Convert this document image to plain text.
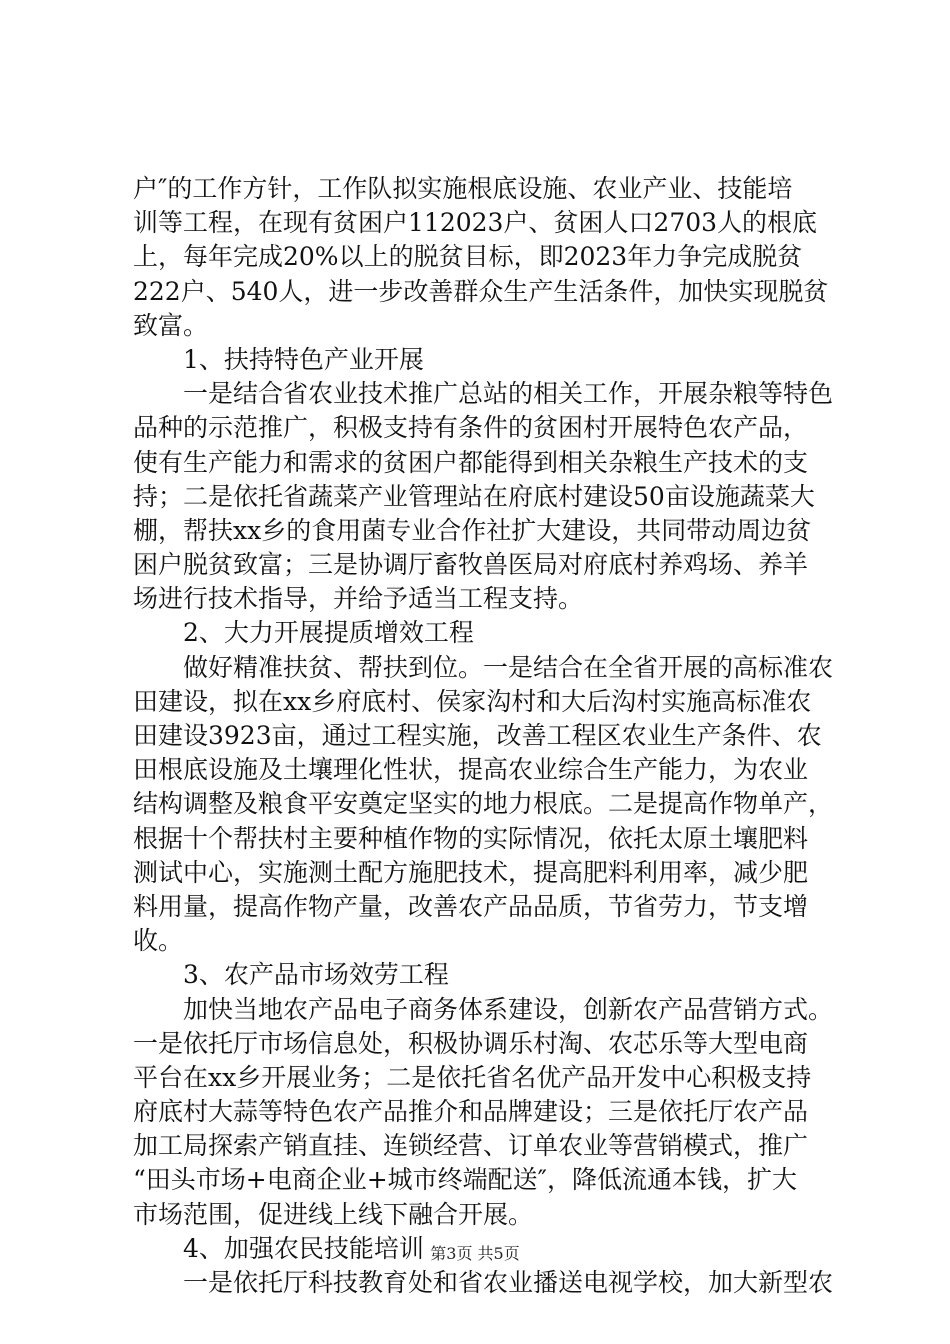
户″的工作方针，工作队拟实施根底设施、农业产业、技能培
训等工程，在现有贫困户112023户、贫困人口2703人的根底
上，每年完成20%以上的脱贫目标，即2023年力争完成脱贫
222户、540人，进一步改善群众生产生活条件，加快实现脱贫
致富。
1、扶持特色产业开展
一是结合省农业技术推广总站的相关工作，开展杂粮等特色
品种的示范推广，积极支持有条件的贫困村开展特色农产品，
使有生产能力和需求的贫困户都能得到相关杂粮生产技术的支
持；二是依托省蔬菜产业管理站在府底村建设50亩设施蔬菜大
棚，帮扶xx乡的食用菌专业合作社扩大建设，共同带动周边贫
困户脱贫致富；三是协调厅畜牧兽医局对府底村养鸡场、养羊
场进行技术指导，并给予适当工程支持。
2、大力开展提质增效工程
做好精准扶贫、帮扶到位。一是结合在全省开展的高标准农
田建设，拟在xx乡府底村、侯家沟村和大后沟村实施高标准农
田建设3923亩，通过工程实施，改善工程区农业生产条件、农
田根底设施及土壤理化性状，提高农业综合生产能力，为农业
结构调整及粮食平安奠定坚实的地力根底。二是提高作物单产，
根据十个帮扶村主要种植作物的实际情况，依托太原土壤肥料
测试中心，实施测土配方施肥技术，提高肥料利用率，减少肥
料用量，提高作物产量，改善农产品品质，节省劳力，节支增
收。
3、农产品市场效劳工程
加快当地农产品电子商务体系建设，创新农产品营销方式。
一是依托厅市场信息处，积极协调乐村淘、农芯乐等大型电商
平台在xx乡开展业务；二是依托省名优产品开发中心积极支持
府底村大蒜等特色农产品推介和品牌建设；三是依托厅农产品
加工局探索产销直挂、连锁经营、订单农业等营销模式，推广
“田头市场+电商企业+城市终端配送″，降低流通本钱，扩大
市场范围，促进线上线下融合开展。
4、加强农民技能培训
一是依托厅科技教育处和省农业播送电视学校，加大新型农
第3页 共5页
